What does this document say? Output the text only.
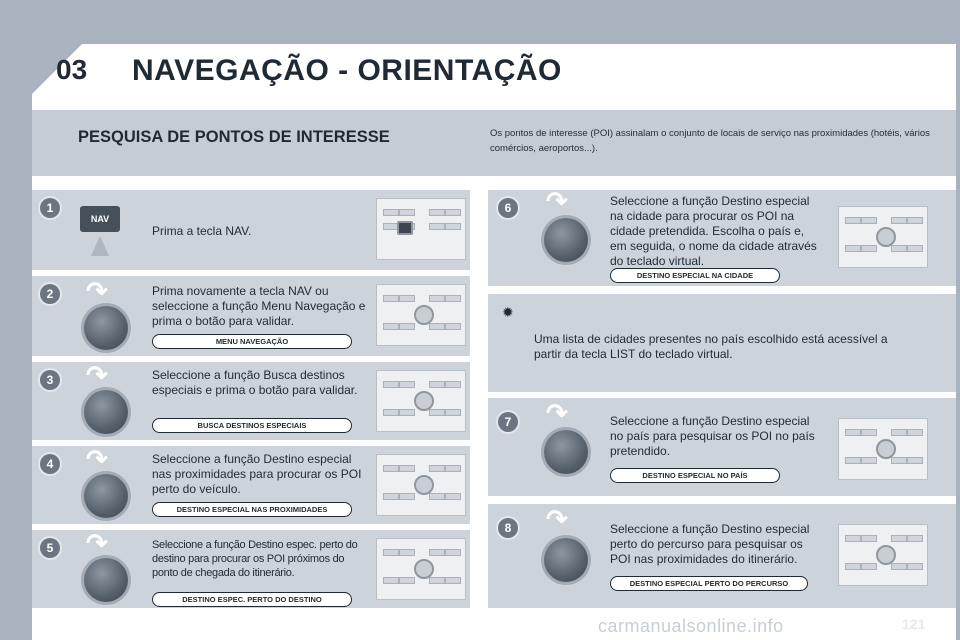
03 NAVEGAÇÃO - ORIENTAÇÃO
PESQUISA DE PONTOS DE INTERESSE	Os pontos de interesse (POI) assinalam o conjunto de locais de serviço nas proximidades (hotéis, vários comércios, aeroportos...).
1
NAV
Prima a tecla NAV.
2 ↷	Prima novamente a tecla NAV ou seleccione a função Menu Navegação e prima o botão para validar.
MENU NAVEGAÇÃO
3 ↷	Seleccione a função Busca destinos especiais e prima o botão para validar.
BUSCA DESTINOS ESPECIAIS
4 ↷	Seleccione a função Destino especial nas proximidades para procurar os POI perto do veículo.
DESTINO ESPECIAL NAS PROXIMIDADES
5 ↷	Seleccione a função Destino espec. perto do destino para procurar os POI próximos do ponto de chegada do itinerário.
DESTINO ESPEC. PERTO DO DESTINO
6 ↷	Seleccione a função Destino especial na cidade para procurar os POI na cidade pretendida. Escolha o país e, em seguida, o nome da cidade através do teclado virtual.
DESTINO ESPECIAL NA CIDADE
✹
Uma lista de cidades presentes no país escolhido está acessível a partir da tecla LIST do teclado virtual.
7 ↷	Seleccione a função Destino especial no país para pesquisar os POI no país pretendido.
DESTINO ESPECIAL NO PAÍS
8 ↷	Seleccione a função Destino especial perto do percurso para pesquisar os POI nas proximidades do itinerário.
DESTINO ESPECIAL PERTO DO PERCURSO
carmanualsonline.info	121
